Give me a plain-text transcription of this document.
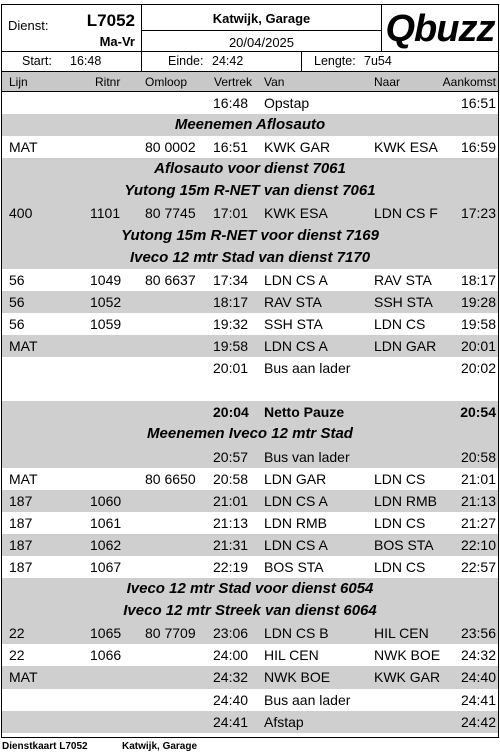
Dienst: L7052
Ma-Vr
Katwijk, Garage
20/04/2025	Qbuzz
Start: 16:48	Einde: 24:42	Lengte: 7u54
Lijn	Ritnr Omloop Vertrek Van	Naar	Aankomst
16:48 Opstap	16:51
Meenemen Aflosauto
MAT	80 0002 16:51 KWK GAR	KWK ESA 16:59
Aflosauto voor dienst 7061
Yutong 15m R-NET van dienst 7061
400	1101 80 7745 17:01 KWK ESA	LDN CS F 17:23
Yutong 15m R-NET voor dienst 7169
Iveco 12 mtr Stad van dienst 7170
56	1049 80 6637 17:34 LDN CS A	RAV STA 18:17
56	1052	18:17 RAV STA	SSH STA 19:28
56	1059	19:32 SSH STA	LDN CS	19:58
MAT	19:58 LDN CS A	LDN GAR 20:01
20:01 Bus aan lader	20:02
20:04 Netto Pauze	20:54
Meenemen Iveco 12 mtr Stad
20:57 Bus van lader	20:58
MAT	80 6650 20:58 LDN GAR	LDN CS	21:01
187	1060	21:01 LDN CS A	LDN RMB 21:13
187	1061	21:13 LDN RMB	LDN CS	21:27
187	1062	21:31 LDN CS A	BOS STA 22:10
187	1067	22:19 BOS STA	LDN CS	22:57
Iveco 12 mtr Stad voor dienst 6054
Iveco 12 mtr Streek van dienst 6064
22	1065 80 7709 23:06 LDN CS B	HIL CEN 23:56
22	1066	24:00 HIL CEN	NWK BOE 24:32
MAT	24:32 NWK BOE	KWK GAR 24:40
24:40 Bus aan lader	24:41
24:41 Afstap	24:42
Dienstkaart L7052	Katwijk, Garage
